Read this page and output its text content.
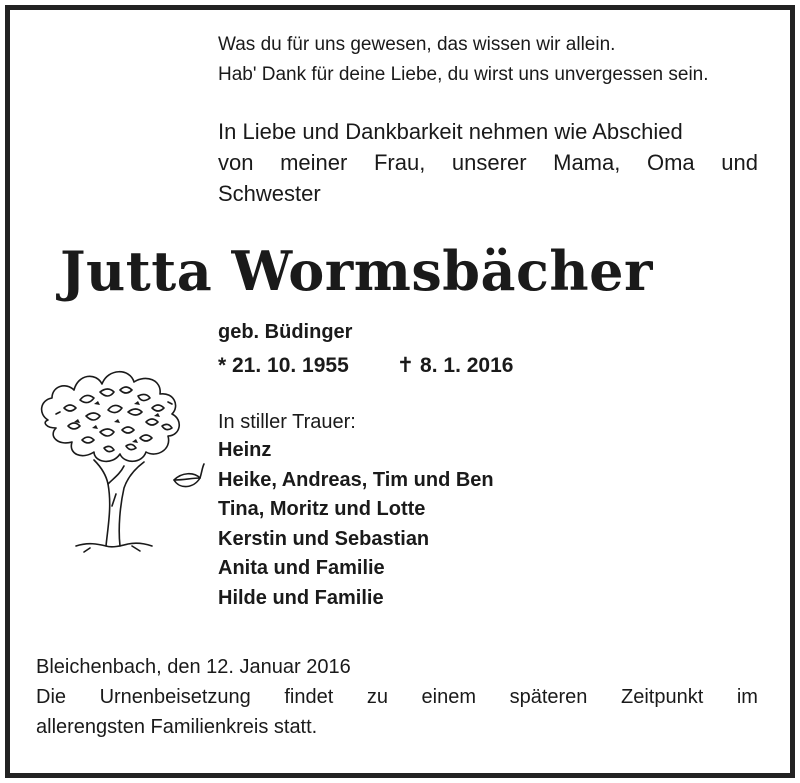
Was du für uns gewesen, das wissen wir allein.
Hab' Dank für deine Liebe, du wirst uns unvergessen sein.
In Liebe und Dankbarkeit nehmen wie Abschied
von meiner Frau, unserer Mama, Oma und
Schwester
Jutta Wormsbächer
geb. Büdinger
* 21. 10. 1955 ✝ 8. 1. 2016
In stiller Trauer:
Heinz
Heike, Andreas, Tim und Ben
Tina, Moritz und Lotte
Kerstin und Sebastian
Anita und Familie
Hilde und Familie
Bleichenbach, den 12. Januar 2016
Die Urnenbeisetzung findet zu einem späteren Zeitpunkt im
allerengsten Familienkreis statt.
